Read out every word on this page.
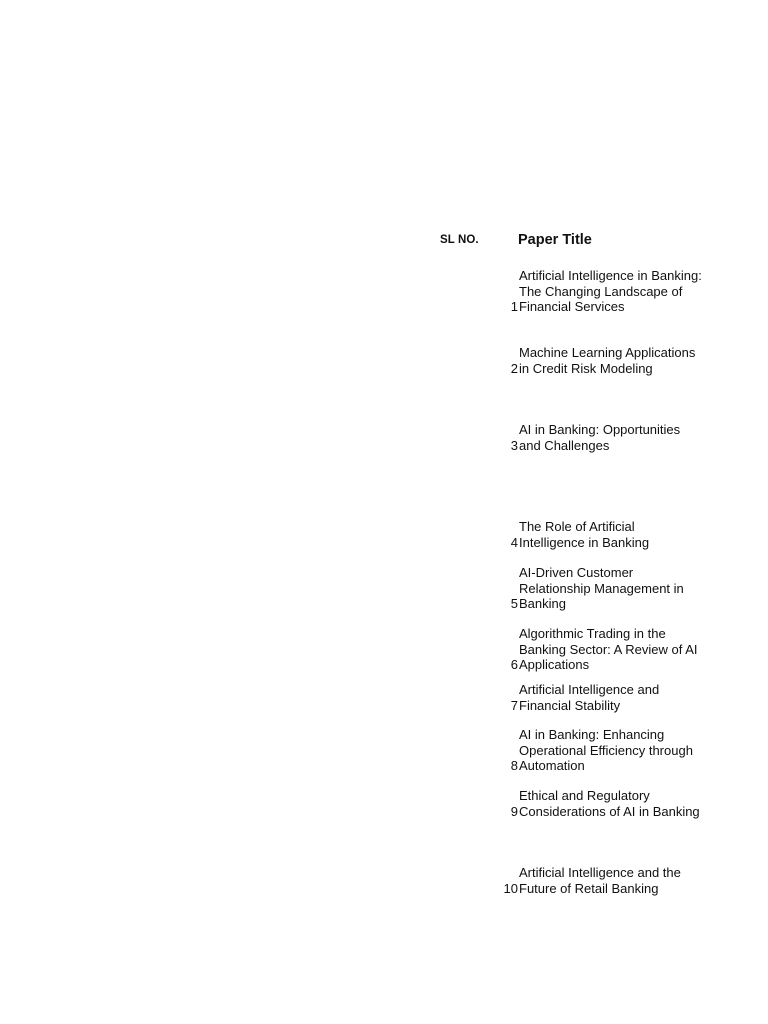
SL NO.	Paper Title
1
Artificial Intelligence in Banking: The Changing Landscape of Financial Services
2
Machine Learning Applications in Credit Risk Modeling
3
AI in Banking: Opportunities and Challenges
4
The Role of Artificial Intelligence in Banking
5
AI-Driven Customer Relationship Management in Banking
6
Algorithmic Trading in the Banking Sector: A Review of AI Applications
7
Artificial Intelligence and Financial Stability
8
AI in Banking: Enhancing Operational Efficiency through Automation
9
Ethical and Regulatory Considerations of AI in Banking
10
Artificial Intelligence and the Future of Retail Banking
